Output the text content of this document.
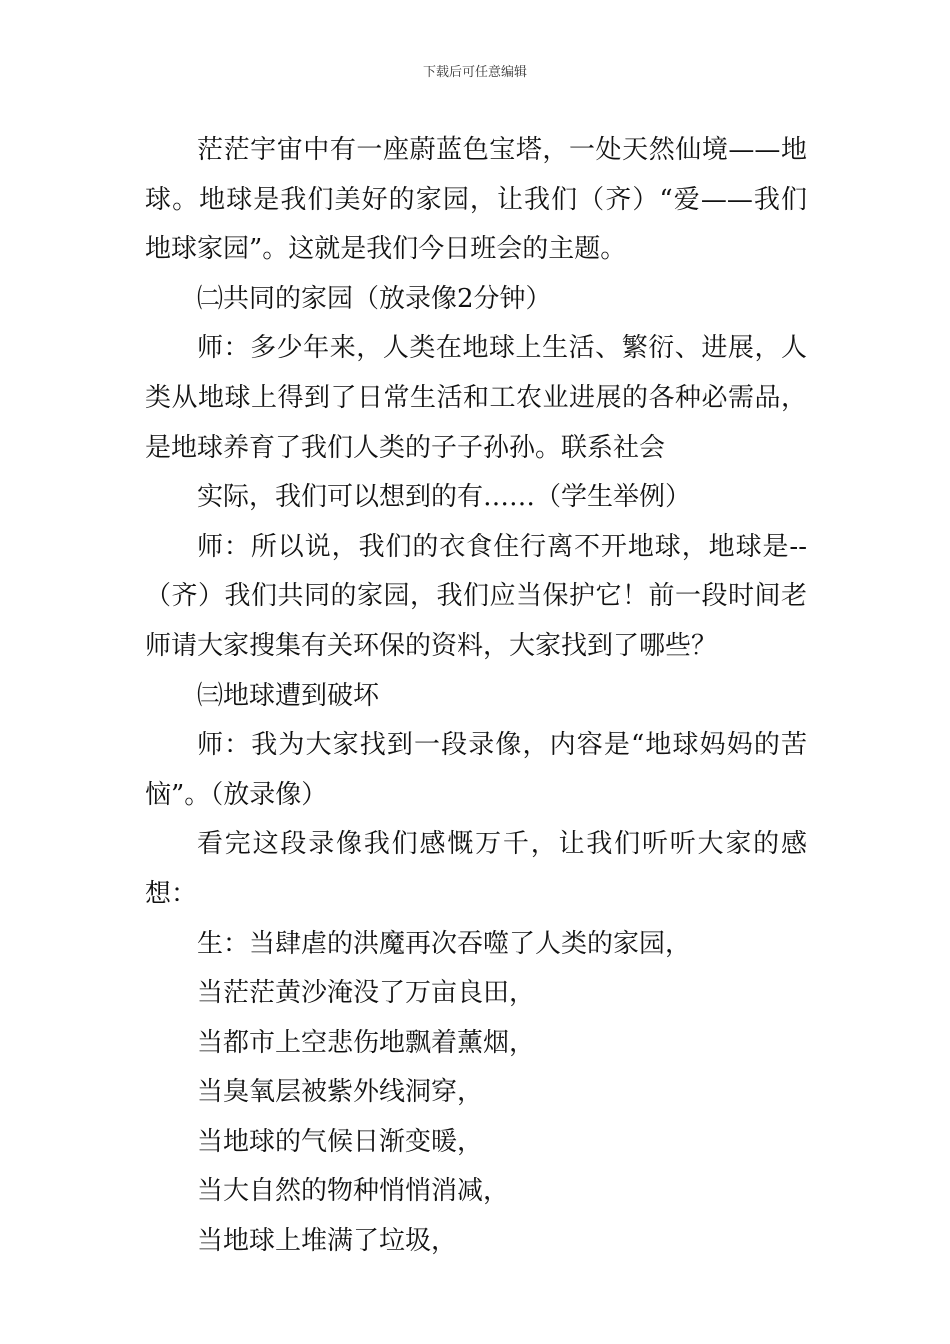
下载后可任意编辑

茫茫宇宙中有一座蔚蓝色宝塔，一处天然仙境——地球。地球是我们美好的家园，让我们（齐）“爱——我们地球家园”。这就是我们今日班会的主题。

㈡共同的家园（放录像2分钟）

师：多少年来，人类在地球上生活、繁衍、进展，人类从地球上得到了日常生活和工农业进展的各种必需品，是地球养育了我们人类的子子孙孙。联系社会

实际，我们可以想到的有……（学生举例）

师：所以说，我们的衣食住行离不开地球，地球是--（齐）我们共同的家园，我们应当保护它！前一段时间老师请大家搜集有关环保的资料，大家找到了哪些？

㈢地球遭到破坏

师：我为大家找到一段录像，内容是“地球妈妈的苦恼”。（放录像）

看完这段录像我们感慨万千，让我们听听大家的感想：

生：当肆虐的洪魔再次吞噬了人类的家园，

当茫茫黄沙淹没了万亩良田，

当都市上空悲伤地飘着薰烟，

当臭氧层被紫外线洞穿，

当地球的气候日渐变暖，

当大自然的物种悄悄消减，

当地球上堆满了垃圾，
